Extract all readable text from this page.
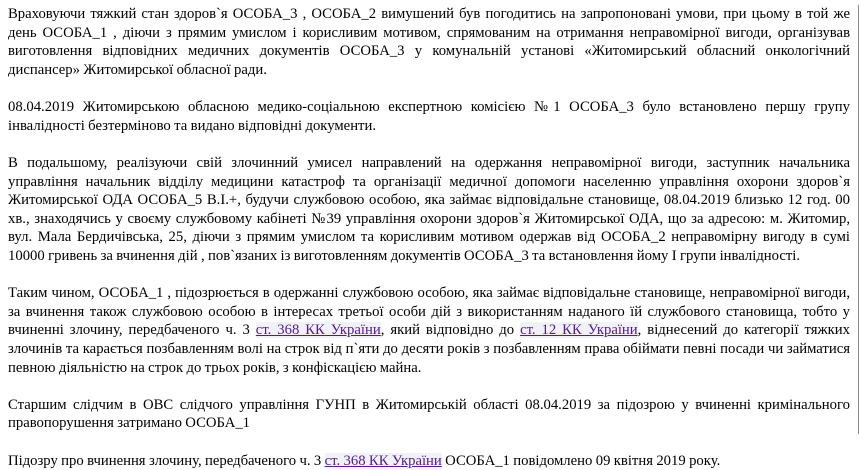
Враховуючи тяжкий стан здоров`я ОСОБА_3 , ОСОБА_2 вимушений був погодитись на запропоновані умови, при цьому в той же день ОСОБА_1 , діючи з прямим умислом і корисливим мотивом, спрямованим на отримання неправомірної вигоди, організував виготовлення відповідних медичних документів ОСОБА_3 у комунальній установі «Житомирський обласний онкологічний диспансер» Житомирської обласної ради.

08.04.2019 Житомирською обласною медико-соціальною експертною комісією №1 ОСОБА_3 було встановлено першу групу інвалідності безтерміново та видано відповідні документи.

В подальшому, реалізуючи свій злочинний умисел направлений на одержання неправомірної вигоди, заступник начальника управління начальник відділу медицини катастроф та організації медичної допомоги населенню управління охорони здоров`я Житомирської ОДА ОСОБА_5 В.І.+, будучи службовою особою, яка займає відповідальне становище, 08.04.2019 близько 12 год. 00 хв., знаходячись у своєму службовому кабінеті №39 управління охорони здоров`я Житомирської ОДА, що за адресою: м. Житомир, вул. Мала Бердичівська, 25, діючи з прямим умислом та корисливим мотивом одержав від ОСОБА_2 неправомірну вигоду в сумі 10000 гривень за вчинення дій , пов`язаних із виготовленням документів ОСОБА_3 та встановлення йому І групи інвалідності.

Таким чином, ОСОБА_1 , підозрюється в одержанні службовою особою, яка займає відповідальне становище, неправомірної вигоди, за вчинення також службовою особою в інтересах третьої особи дій з використанням наданого їй службового становища, тобто у вчиненні злочину, передбаченого ч. 3 ст. 368 КК України, який відповідно до ст. 12 КК України, віднесений до категорії тяжких злочинів та карається позбавленням волі на строк від п`яти до десяти років з позбавленням права обіймати певні посади чи займатися певною діяльністю на строк до трьох років, з конфіскацією майна.

Старшим слідчим в ОВС слідчого управління ГУНП в Житомирській області 08.04.2019 за підозрою у вчиненні кримінального правопорушення затримано ОСОБА_1

Підозру про вчинення злочину, передбаченого ч. 3 ст. 368 КК України ОСОБА_1 повідомлено 09 квітня 2019 року.
